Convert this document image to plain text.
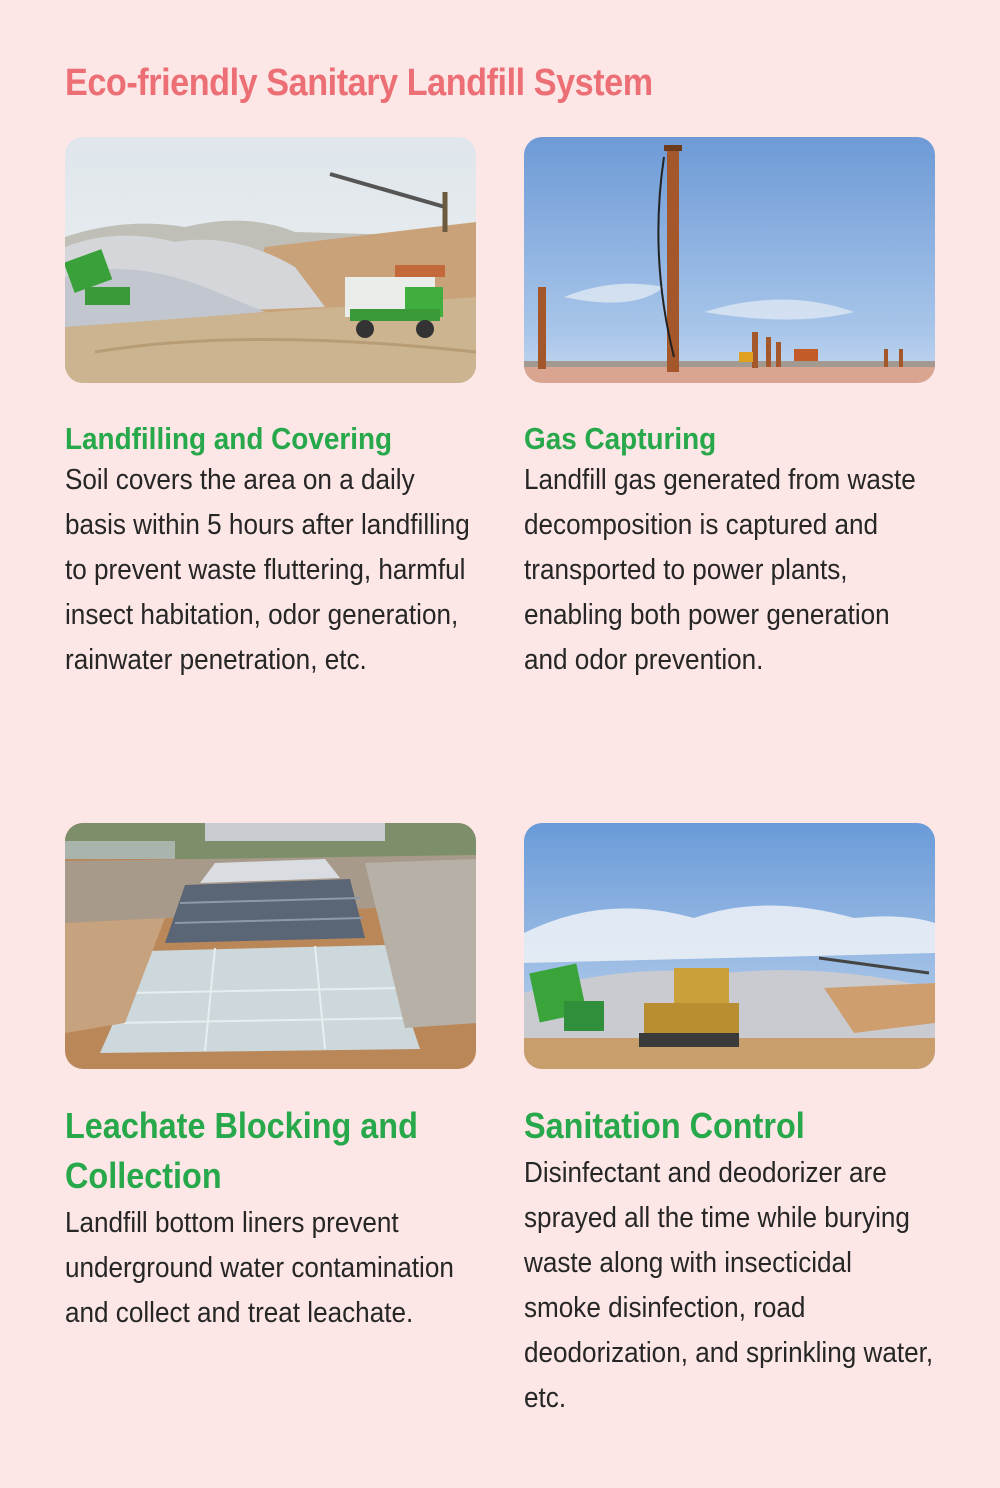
Eco-friendly Sanitary Landfill System
Landfilling and Covering
Soil covers the area on a daily basis within 5 hours after landfilling to prevent waste fluttering, harmful insect habitation, odor generation, rainwater penetration, etc.
Gas Capturing
Landfill gas generated from waste decomposition is captured and transported to power plants, enabling both power generation and odor prevention.
Leachate Blocking and Collection
Landfill bottom liners prevent underground water contamination and collect and treat leachate.
Sanitation Control
Disinfectant and deodorizer are sprayed all the time while burying waste along with insecticidal smoke disinfection, road deodorization, and sprinkling water, etc.
